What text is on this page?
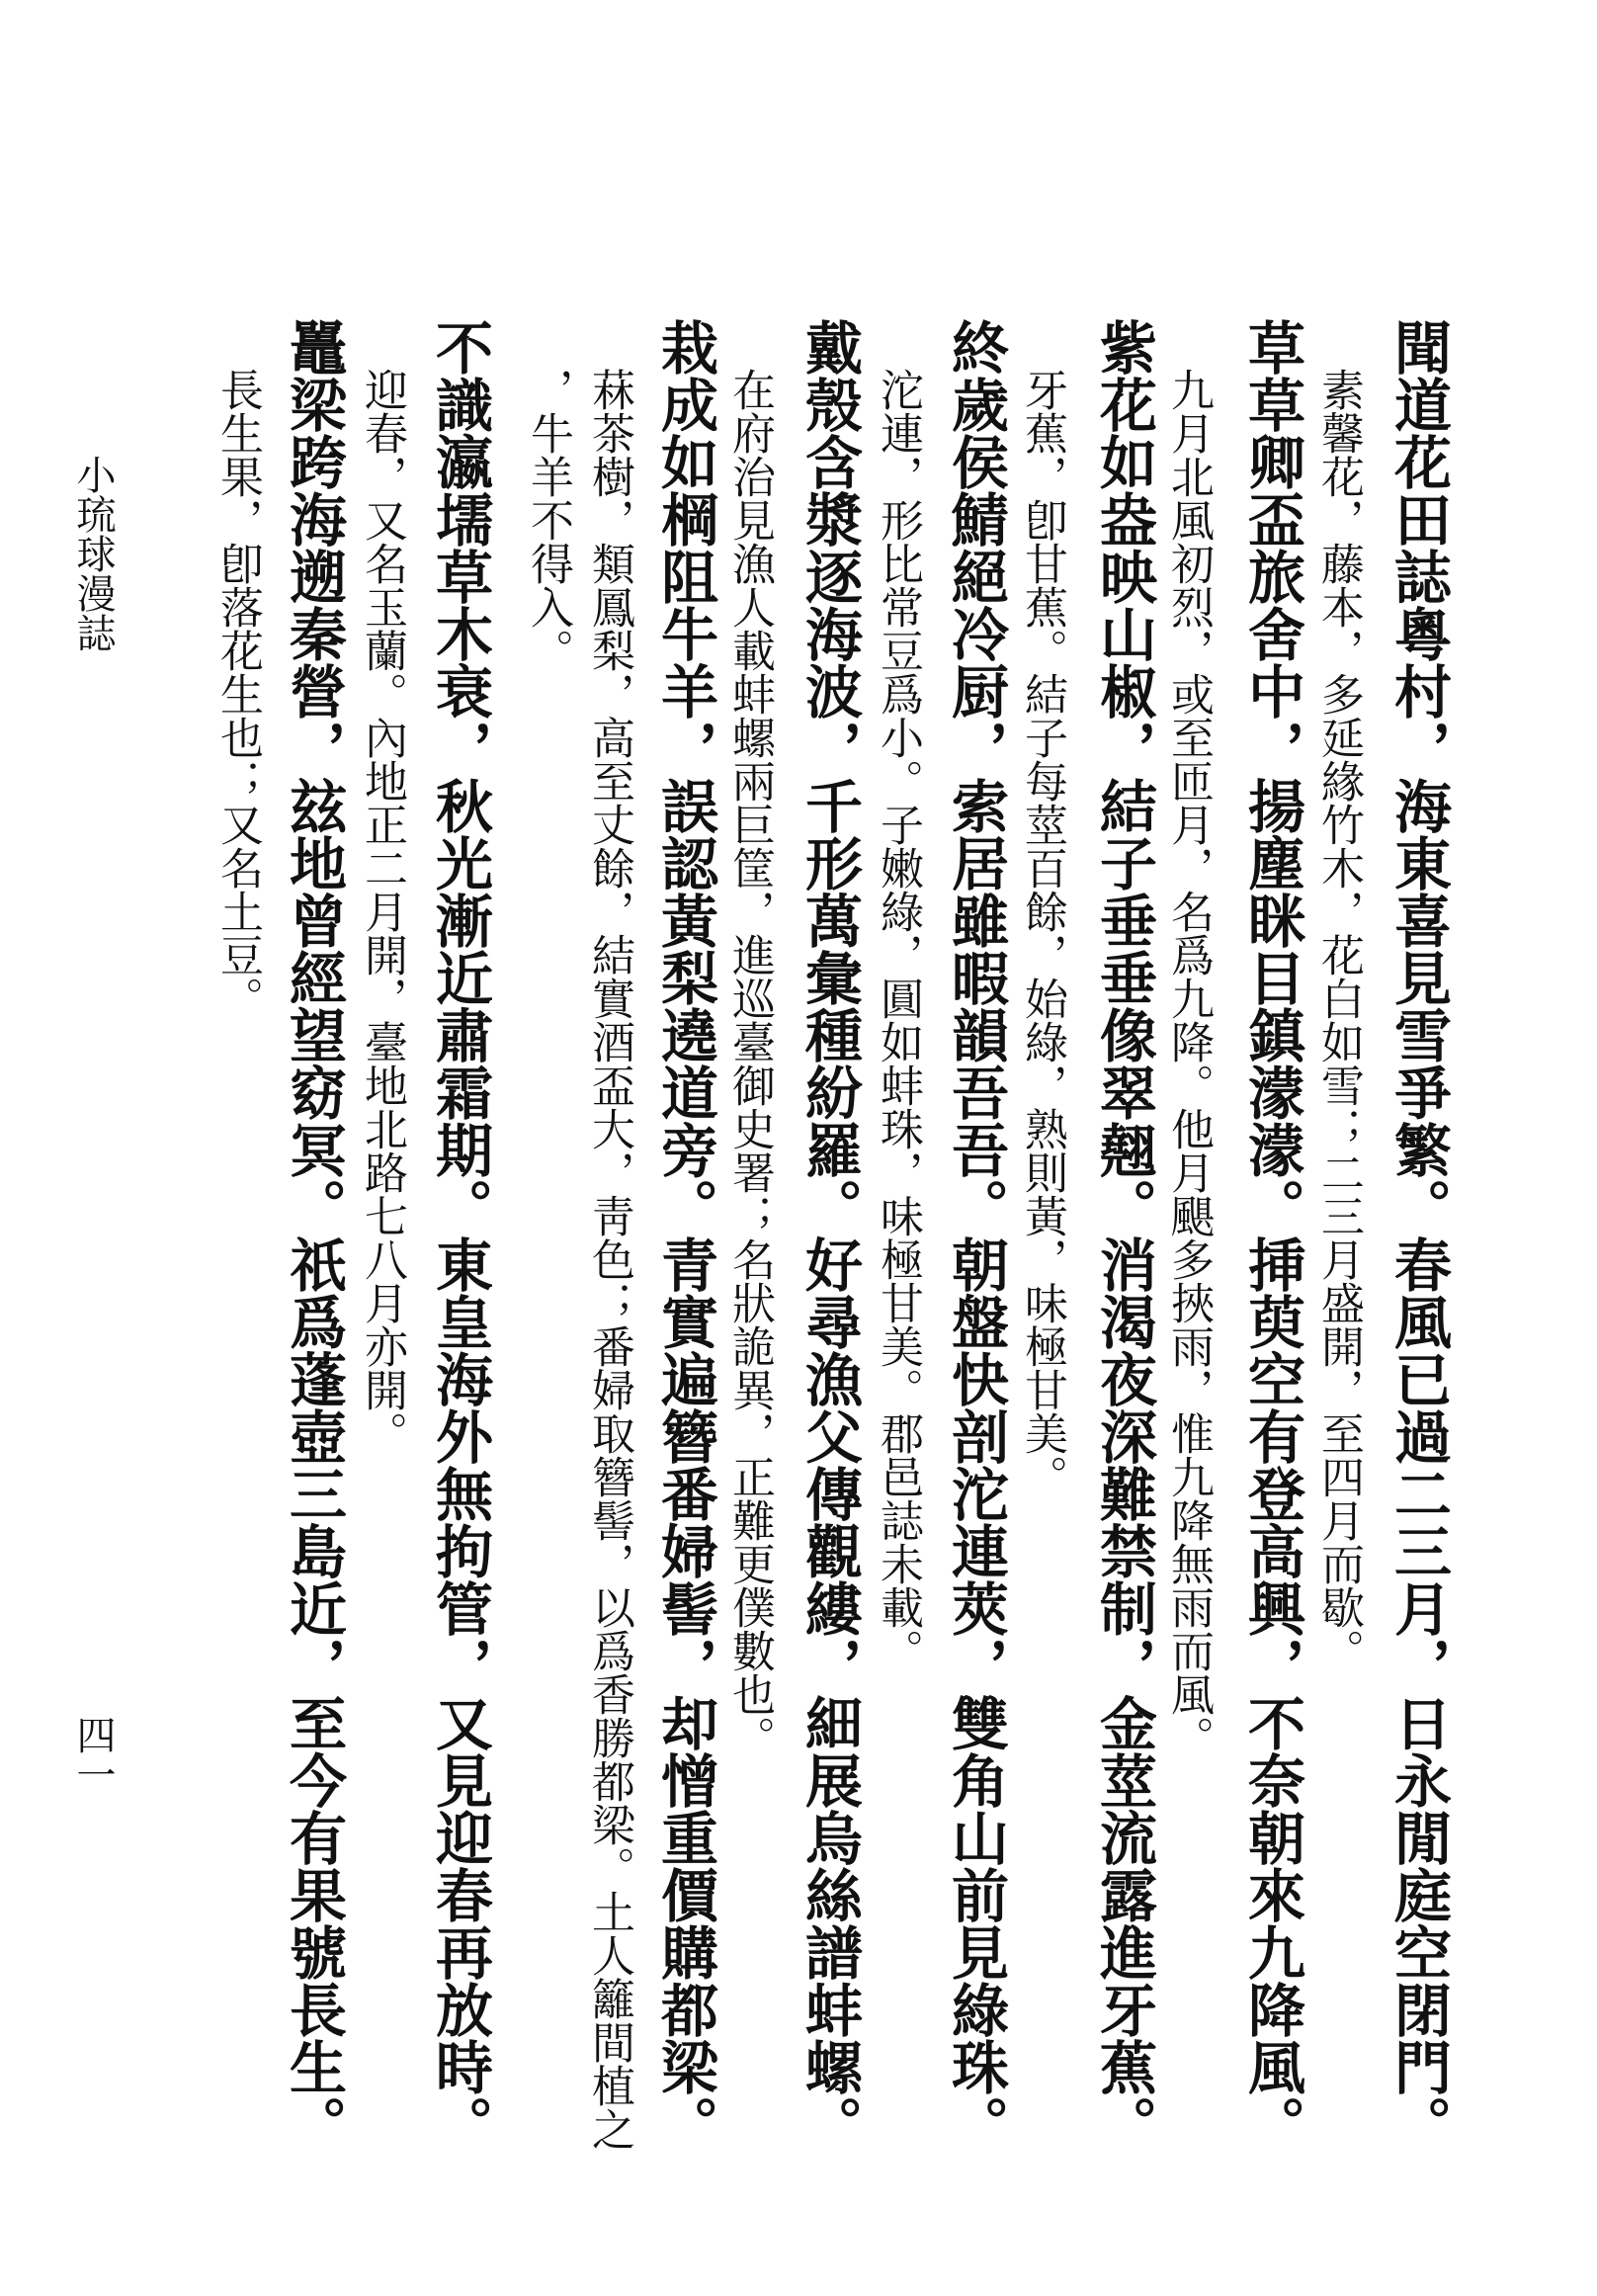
聞道花田誌粵村，海東喜見雪爭繁。春風已過二三月，日永閒庭空閉門。
素馨花，藤本，多延緣竹木，花白如雪；二三月盛開，至四月而歇。
草草卿盃旅舍中，揚塵眯目鎮濛濛。挿萸空有登高興，不奈朝來九降風。
九月北風初烈，或至匝月，名爲九降。他月颶多挾雨，惟九降無雨而風。
紫花如盎映山椒，結子垂垂像翠翹。消渴夜深難禁制，金莖流露進牙蕉。
牙蕉，卽甘蕉。結子每莖百餘，始綠，熟則黃，味極甘美。
終歲侯鯖絕冷厨，索居雖暇韻吾吾。朝盤快剖沱連莢，雙角山前見綠珠。
沱連，形比常豆爲小。子嫩綠，圓如蚌珠，味極甘美。郡邑誌未載。
戴殼含漿逐海波，千形萬彙種紛羅。好尋漁父傳觀縷，細展烏絲譜蚌螺。
在府治見漁人載蚌螺兩巨筐，進巡臺御史署；名狀詭異，正難更僕數也。
栽成如棡阻牛羊，誤認黃梨遶道旁。青實遍簪番婦髻，却憎重價購都梁。
菻茶樹，類鳳梨，高至丈餘，結實酒盃大，靑色；番婦取簪髻，以爲香勝都梁。土人籬間植之
，牛羊不得入。
不識瀛壖草木衰，秋光漸近肅霜期。東皇海外無拘管，又見迎春再放時。
迎春，又名玉蘭。內地正二月開，臺地北路七八月亦開。
鼉梁跨海遡秦營，玆地曾經望窈冥。祇爲蓬壺三島近，至今有果號長生。
長生果，卽落花生也；又名土豆。
小琉球漫誌
四一
